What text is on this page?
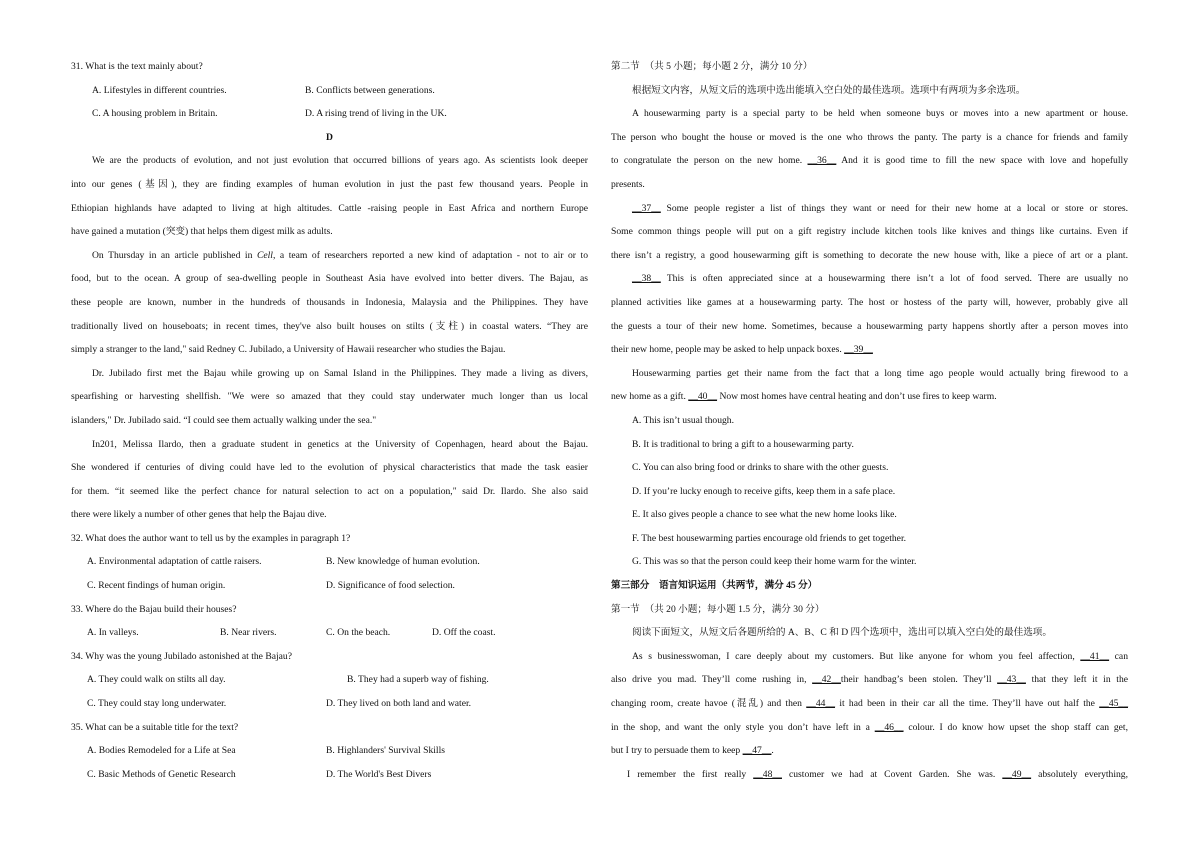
31. What is the text mainly about?
A. Lifestyles in different countries.	B. Conflicts between generations.
C. A housing problem in Britain.	D. A rising trend of living in the UK.
D
We are the products of evolution, and not just evolution that occurred billions of years ago. As scientists look deeper
into our genes (基因), they are finding examples of human evolution in just the past few thousand years. People in
Ethiopian highlands have adapted to living at high altitudes. Cattle -raising people in East Africa and northern Europe
have gained a mutation (突变) that helps them digest milk as adults.
On Thursday in an article published in Cell, a team of researchers reported a new kind of adaptation - not to air or to
food, but to the ocean. A group of sea-dwelling people in Southeast Asia have evolved into better divers. The Bajau, as
these people are known, number in the hundreds of thousands in Indonesia, Malaysia and the Philippines. They have
traditionally lived on houseboats; in recent times, they've also built houses on stilts (支柱) in coastal waters. “They are
simply a stranger to the land," said Redney C. Jubilado, a University of Hawaii researcher who studies the Bajau.
Dr. Jubilado first met the Bajau while growing up on Samal Island in the Philippines. They made a living as divers,
spearfishing or harvesting shellfish. "We were so amazed that they could stay underwater much longer than us local
islanders," Dr. Jubilado said. “I could see them actually walking under the sea."
In201, Melissa Ilardo, then a graduate student in genetics at the University of Copenhagen, heard about the Bajau.
She wondered if centuries of diving could have led to the evolution of physical characteristics that made the task easier
for them. “it seemed like the perfect chance for natural selection to act on a population," said Dr. Ilardo. She also said
there were likely a number of other genes that help the Bajau dive.
32. What does the author want to tell us by the examples in paragraph 1?
A. Environmental adaptation of cattle raisers.	B. New knowledge of human evolution.
C. Recent findings of human origin.	D. Significance of food selection.
33. Where do the Bajau build their houses?
A. In valleys.	B. Near rivers.	C. On the beach.	D. Off the coast.
34. Why was the young Jubilado astonished at the Bajau?
A. They could walk on stilts all day.	B. They had a superb way of fishing.
C. They could stay long underwater.	D. They lived on both land and water.
35. What can be a suitable title for the text?
A. Bodies Remodeled for a Life at Sea	B. Highlanders' Survival Skills
C. Basic Methods of Genetic Research	D. The World's Best Divers
第二节　（共 5 小题；每小题 2 分，满分 10 分）
根据短文内容，从短文后的选项中选出能填入空白处的最佳选项。选项中有两项为多余选项。
A housewarming party is a special party to be held when someone buys or moves into a new apartment or house.
The person who bought the house or moved is the one who throws the panty. The party is a chance for friends and family
to congratulate the person on the new home. __36__ And it is good time to fill the new space with love and hopefully
presents.
__37__ Some people register a list of things they want or need for their new home at a local or store or stores.
Some common things people will put on a gift registry include kitchen tools like knives and things like curtains. Even if
there isn’t a registry, a good housewarming gift is something to decorate the new house with, like a piece of art or a plant.
__38__ This is often appreciated since at a housewarming there isn’t a lot of food served. There are usually no
planned activities like games at a housewarming party. The host or hostess of the party will, however, probably give all
the guests a tour of their new home. Sometimes, because a housewarming party happens shortly after a person moves into
their new home, people may be asked to help unpack boxes. __39__
Housewarming parties get their name from the fact that a long time ago people would actually bring firewood to a
new home as a gift. __40__ Now most homes have central heating and don’t use fires to keep warm.
A. This isn’t usual though.
B. It is traditional to bring a gift to a housewarming party.
C. You can also bring food or drinks to share with the other guests.
D. If you’re lucky enough to receive gifts, keep them in a safe place.
E. It also gives people a chance to see what the new home looks like.
F. The best housewarming parties encourage old friends to get together.
G. This was so that the person could keep their home warm for the winter.
第三部分　语言知识运用（共两节，满分 45 分）
第一节　（共 20 小题；每小题 1.5 分，满分 30 分）
阅读下面短文，从短文后各题所给的 A、B、C 和 D 四个选项中，选出可以填入空白处的最佳选项。
As s businesswoman, I care deeply about my customers. But like anyone for whom you feel affection, __41__ can
also drive you mad. They’ll come rushing in, __42__their handbag’s been stolen. They’ll __43__ that they left it in the
changing room, create havoe (混乱) and then __44__ it had been in their car all the time. They’ll have out half the __45__
in the shop, and want the only style you don’t have left in a __46__ colour. I do know how upset the shop staff can get,
but I try to persuade them to keep __47__.
I remember the first really __48__ customer we had at Covent Garden. She was. __49__ absolutely everything,
